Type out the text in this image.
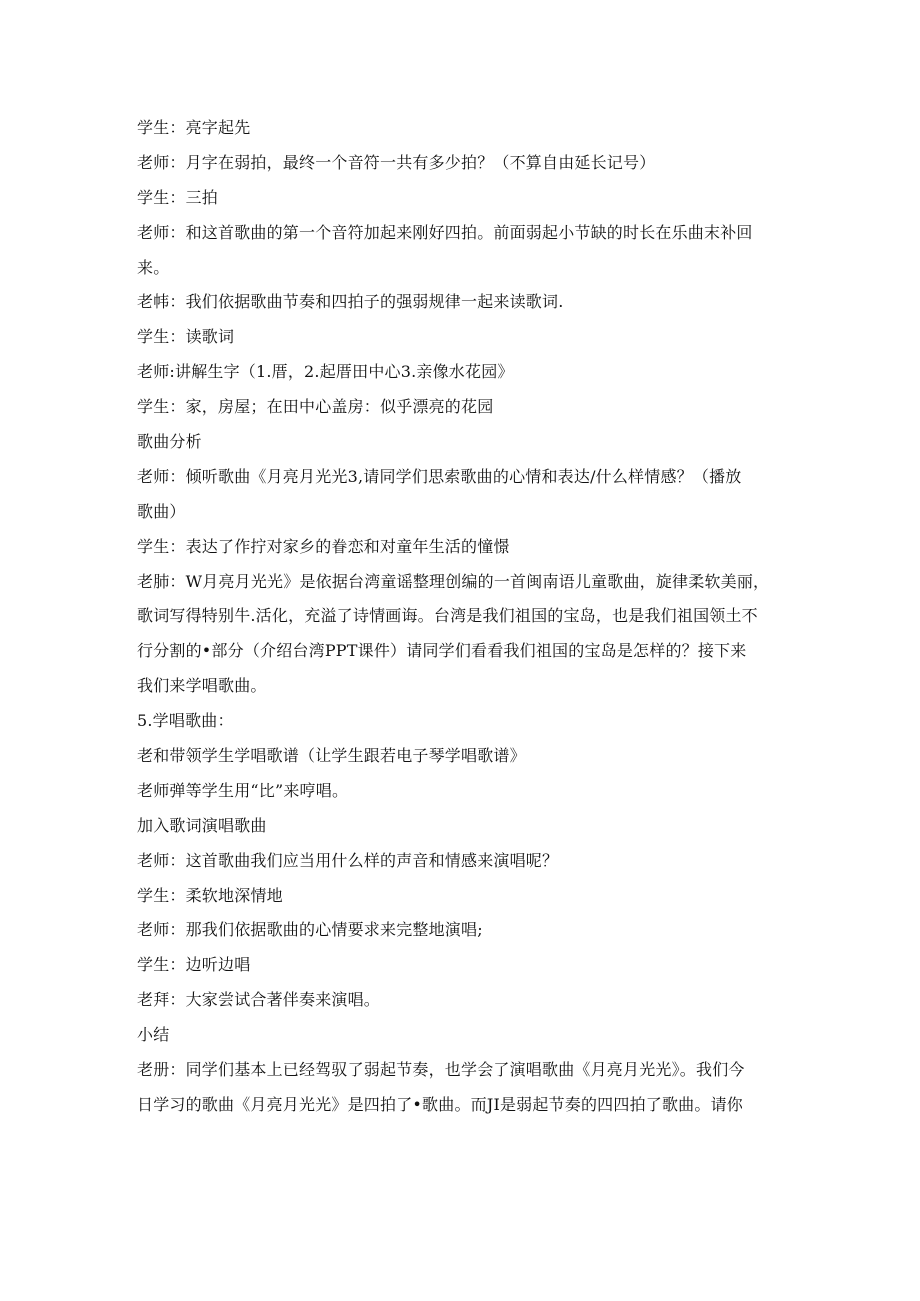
学生：亮字起先
老师：月字在弱拍，最终一个音符一共有多少拍？（不算自由延长记号）
学生：三拍
老师：和这首歌曲的第一个音符加起来刚好四拍。前面弱起小节缺的时长在乐曲末补回
来。
老帏：我们依据歌曲节奏和四拍子的强弱规律一起来读歌词.
学生：读歌词
老师:讲解生字（1.厝，2.起厝田中心3.亲像水花园》
学生：家，房屋；在田中心盖房：似乎漂亮的花园
歌曲分析
老师：倾听歌曲《月亮月光光3,请同学们思索歌曲的心情和表达/什么样情感？（播放
歌曲）
学生：表达了作拧对家乡的眷恋和对童年生活的憧憬
老肺：W月亮月光光》是依据台湾童谣整理创编的一首闽南语儿童歌曲，旋律柔软美丽，
歌词写得特别牛.活化，充溢了诗情画诲。台湾是我们祖国的宝岛，也是我们祖国领土不
行分割的•部分（介绍台湾PPT课件）请同学们看看我们祖国的宝岛是怎样的？接下来
我们来学唱歌曲。
5.学唱歌曲：
老和带领学生学唱歌谱（让学生跟若电子琴学唱歌谱》
老师弹等学生用“比”来哼唱。
加入歌词演唱歌曲
老师：这首歌曲我们应当用什么样的声音和情感来演唱呢？
学生：柔软地深情地
老师：那我们依据歌曲的心情要求来完整地演唱;
学生：边听边唱
老拜：大家尝试合著伴奏来演唱。
小结
老册：同学们基本上已经驾驭了弱起节奏，也学会了演唱歌曲《月亮月光光》。我们今
日学习的歌曲《月亮月光光》是四拍了•歌曲。而JI是弱起节奏的四四拍了歌曲。请你
